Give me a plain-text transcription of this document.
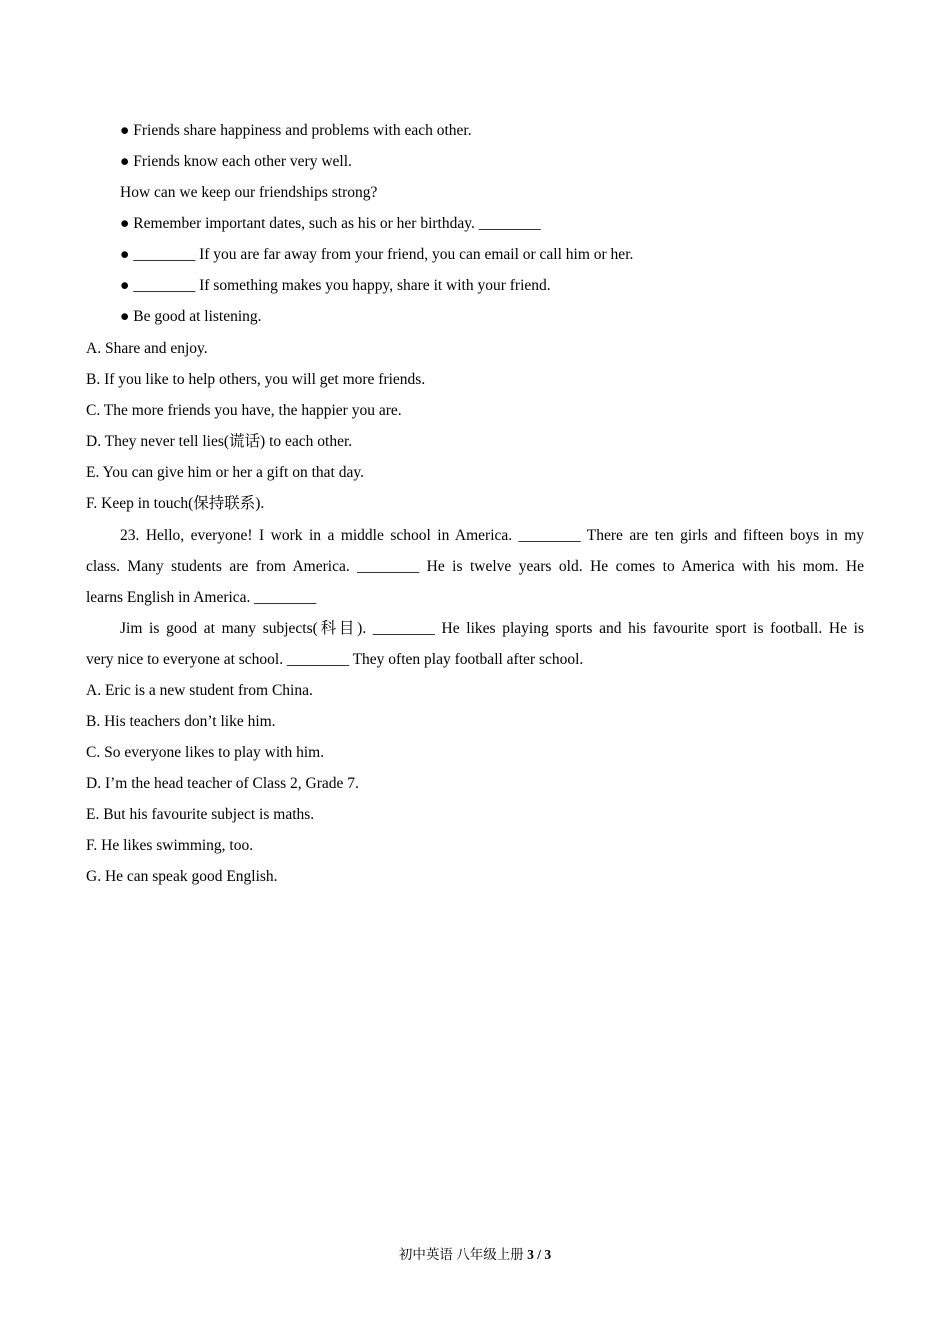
● Friends share happiness and problems with each other.
● Friends know each other very well.
How can we keep our friendships strong?
● Remember important dates, such as his or her birthday. ________
● ________ If you are far away from your friend, you can email or call him or her.
● ________ If something makes you happy, share it with your friend.
● Be good at listening.
A. Share and enjoy.
B. If you like to help others, you will get more friends.
C. The more friends you have, the happier you are.
D. They never tell lies(谎话) to each other.
E. You can give him or her a gift on that day.
F. Keep in touch(保持联系).
23. Hello, everyone! I work in a middle school in America. ________ There are ten girls and fifteen boys in my
class. Many students are from America. ________ He is twelve years old. He comes to America with his mom. He
learns English in America. ________
Jim is good at many subjects(科目). ________ He likes playing sports and his favourite sport is football. He is
very nice to everyone at school. ________ They often play football after school.
A. Eric is a new student from China.
B. His teachers don’t like him.
C. So everyone likes to play with him.
D. I’m the head teacher of Class 2, Grade 7.
E. But his favourite subject is maths.
F. He likes swimming, too.
G. He can speak good English.
初中英语 八年级上册 3 / 3
